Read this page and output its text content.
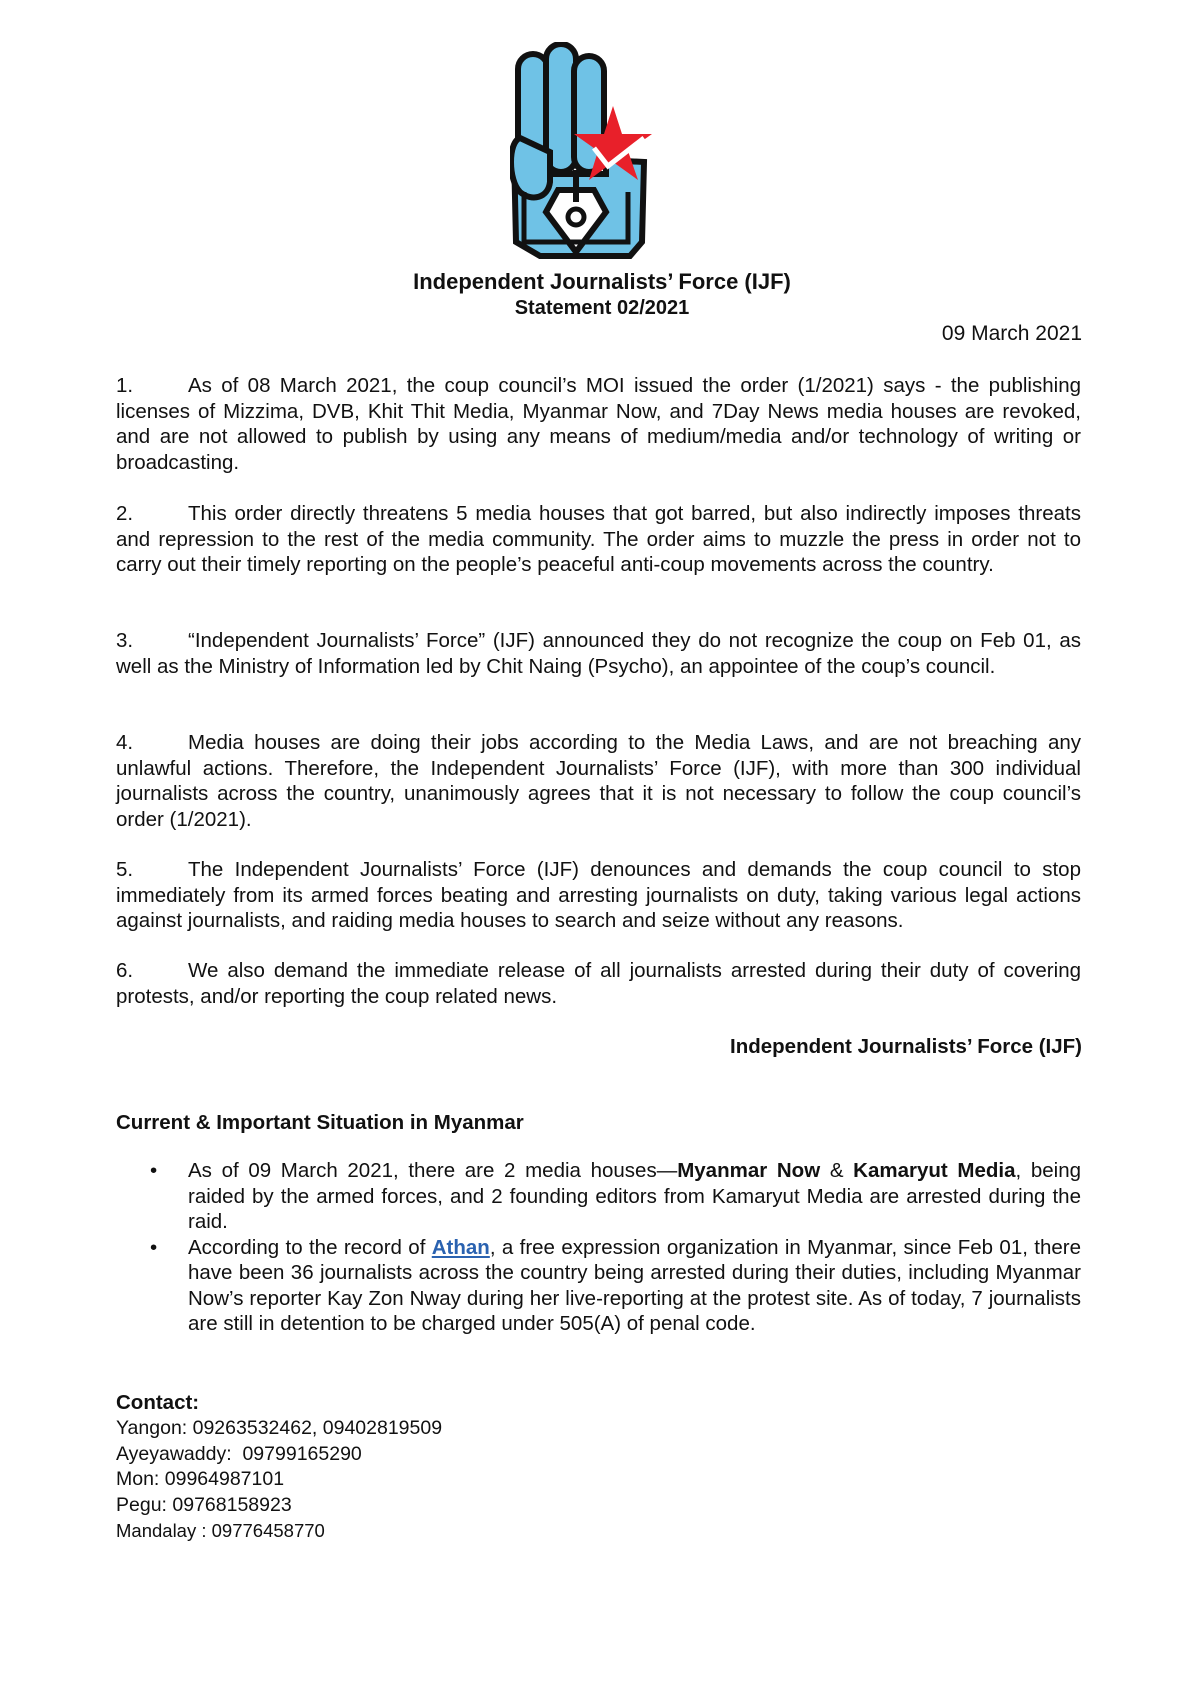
Independent Journalists’ Force (IJF)
Statement 02/2021
09 March 2021
1.	As of 08 March 2021, the coup council’s MOI issued the order (1/2021) says - the publishing licenses of Mizzima, DVB, Khit Thit Media, Myanmar Now, and 7Day News media houses are revoked, and are not allowed to publish by using any means of medium/media and/or technology of writing or broadcasting.
2.	This order directly threatens 5 media houses that got barred, but also indirectly imposes threats and repression to the rest of the media community. The order aims to muzzle the press in order not to carry out their timely reporting on the people’s peaceful anti-coup movements across the country.
3.	“Independent Journalists’ Force” (IJF) announced they do not recognize the coup on Feb 01, as well as the Ministry of Information led by Chit Naing (Psycho), an appointee of the coup’s council.
4.	Media houses are doing their jobs according to the Media Laws, and are not breaching any unlawful actions. Therefore, the Independent Journalists’ Force (IJF), with more than 300 individual journalists across the country, unanimously agrees that it is not necessary to follow the coup council’s order (1/2021).
5.	The Independent Journalists’ Force (IJF) denounces and demands the coup council to stop immediately from its armed forces beating and arresting journalists on duty, taking various legal actions against journalists, and raiding media houses to search and seize without any reasons.
6.	We also demand the immediate release of all journalists arrested during their duty of covering protests, and/or reporting the coup related news.
Independent Journalists’ Force (IJF)
Current & Important Situation in Myanmar
• As of 09 March 2021, there are 2 media houses—Myanmar Now & Kamaryut Media, being raided by the armed forces, and 2 founding editors from Kamaryut Media are arrested during the raid.
• According to the record of Athan, a free expression organization in Myanmar, since Feb 01, there have been 36 journalists across the country being arrested during their duties, including Myanmar Now’s reporter Kay Zon Nway during her live-reporting at the protest site. As of today, 7 journalists are still in detention to be charged under 505(A) of penal code.
Contact:
Yangon: 09263532462, 09402819509
Ayeyawaddy:  09799165290
Mon: 09964987101
Pegu: 09768158923
Mandalay : 09776458770
